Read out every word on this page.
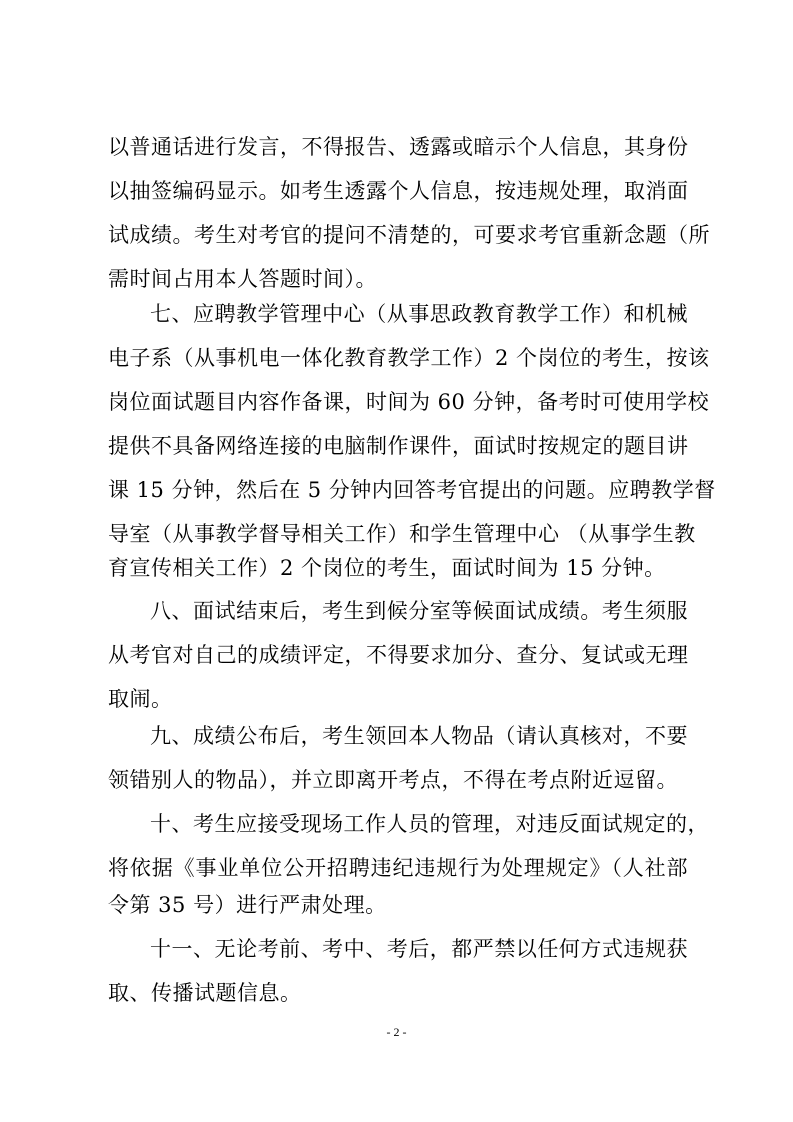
以普通话进行发言，不得报告、透露或暗示个人信息，其身份
以抽签编码显示。如考生透露个人信息，按违规处理，取消面
试成绩。考生对考官的提问不清楚的，可要求考官重新念题（所
需时间占用本人答题时间）。
七、应聘教学管理中心（从事思政教育教学工作）和机械
电子系（从事机电一体化教育教学工作）2 个岗位的考生，按该
岗位面试题目内容作备课，时间为 60 分钟，备考时可使用学校
提供不具备网络连接的电脑制作课件，面试时按规定的题目讲
课 15 分钟，然后在 5 分钟内回答考官提出的问题。应聘教学督
导室（从事教学督导相关工作）和学生管理中心 （从事学生教
育宣传相关工作）2 个岗位的考生，面试时间为 15 分钟。
八、面试结束后，考生到候分室等候面试成绩。考生须服
从考官对自己的成绩评定，不得要求加分、查分、复试或无理
取闹。
九、成绩公布后，考生领回本人物品（请认真核对，不要
领错别人的物品），并立即离开考点，不得在考点附近逗留。
十、考生应接受现场工作人员的管理，对违反面试规定的，
将依据《事业单位公开招聘违纪违规行为处理规定》（人社部
令第 35 号）进行严肃处理。
十一、无论考前、考中、考后，都严禁以任何方式违规获
取、传播试题信息。
- 2 -
